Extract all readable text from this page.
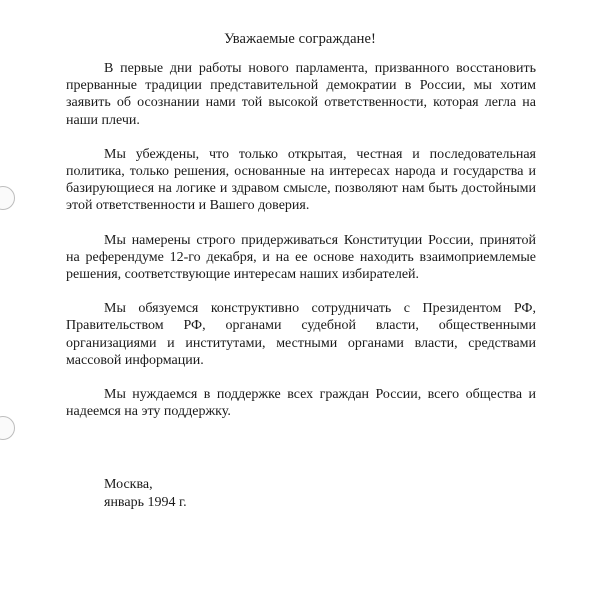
Уважаемые сограждане!

В первые дни работы нового парламента, призванного восстановить прерванные традиции представительной демократии в России, мы хотим заявить об осознании нами той высокой ответственности, которая легла на наши плечи.

Мы убеждены, что только открытая, честная и последовательная политика, только решения, основанные на интересах народа и государства и базирующиеся на логике и здравом смысле, позволяют нам быть достойными этой ответственности и Вашего доверия.

Мы намерены строго придерживаться Конституции России, принятой на референдуме 12-го декабря, и на ее основе находить взаимоприемлемые решения, соответствующие интересам наших избирателей.

Мы обязуемся конструктивно сотрудничать с Президентом РФ, Правительством РФ, органами судебной власти, общественными организациями и институтами, местными органами власти, средствами массовой информации.

Мы нуждаемся в поддержке всех граждан России, всего общества и надеемся на эту поддержку.

Москва,
январь 1994 г.
